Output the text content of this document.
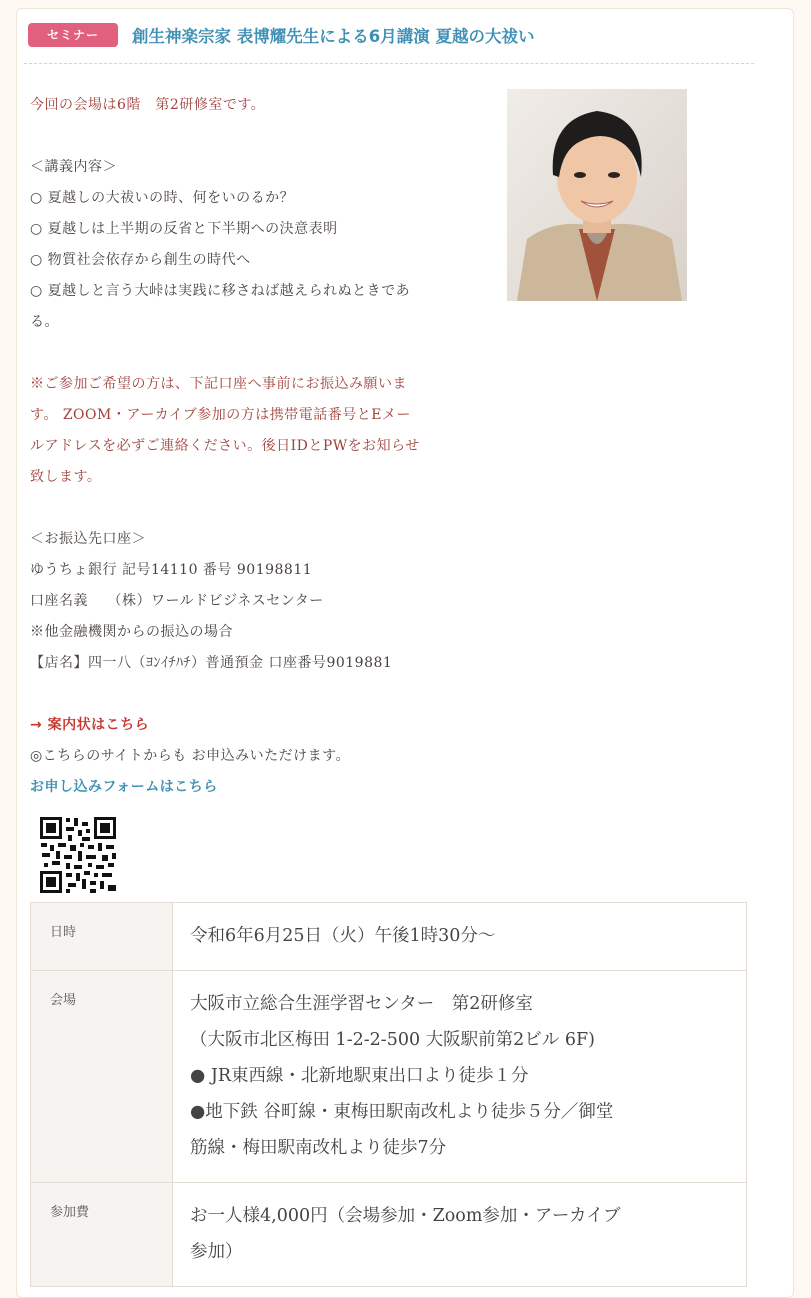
セミナー	創生神楽宗家 表博耀先生による6月講演 夏越の大祓い
今回の会場は6階　第2研修室です。
＜講義内容＞
○ 夏越しの大祓いの時、何をいのるか？
○ 夏越しは上半期の反省と下半期への決意表明
○ 物質社会依存から創生の時代へ
○ 夏越しと言う大峠は実践に移さねば越えられぬときであ
る。
※ご参加ご希望の方は、下記口座へ事前にお振込み願いま
す。 ZOOM・アーカイブ参加の方は携帯電話番号とEメー
ルアドレスを必ずご連絡ください。後日IDとPWをお知らせ
致します。
＜お振込先口座＞
ゆうちょ銀行 記号14110 番号 90198811
口座名義　 （株）ワールドビジネスセンター
※他金融機関からの振込の場合
【店名】四一八（ﾖﾝｲﾁﾊﾁ）普通預金 口座番号9019881
→ 案内状はこちら
◎こちらのサイトからも お申込みいただけます。
お申し込みフォームはこちら
日時	令和6年6月25日（火）午後1時30分～

会場	大阪市立総合生涯学習センター　第2研修室
（大阪市北区梅田 1-2-2-500 大阪駅前第2ビル 6F)
● JR東西線・北新地駅東出口より徒歩１分
●地下鉄 谷町線・東梅田駅南改札より徒歩５分／御堂
筋線・梅田駅南改札より徒歩7分

参加費	お一人様4,000円（会場参加・Zoom参加・アーカイブ
参加）
